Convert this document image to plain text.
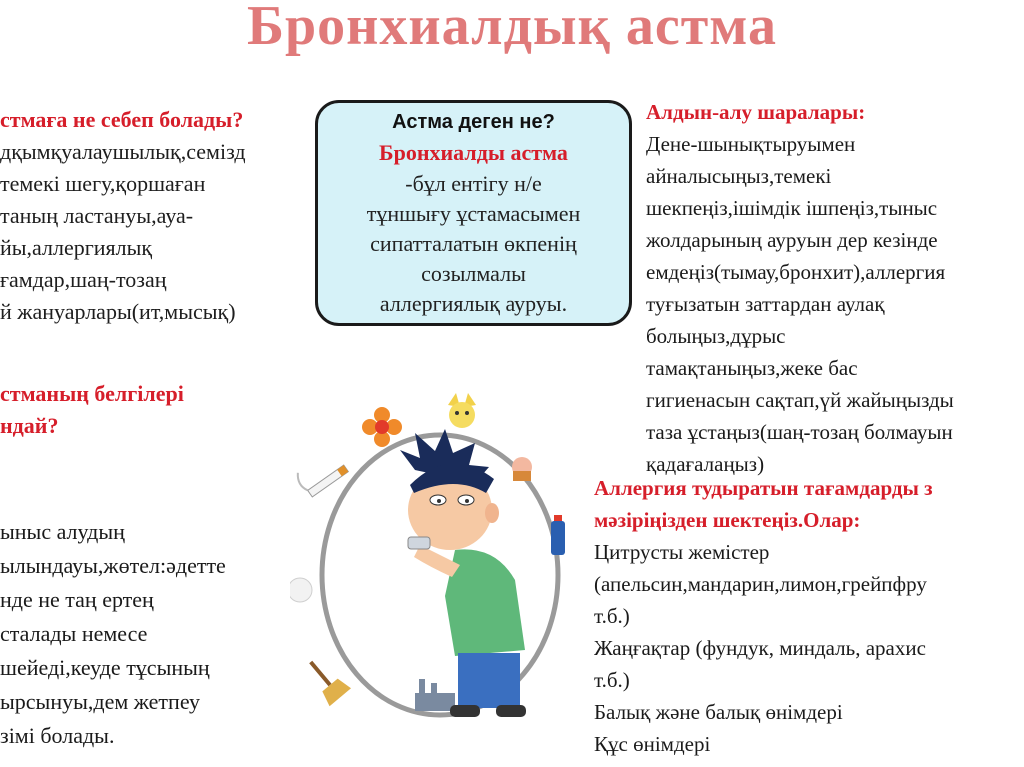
Бронхиалдық астма
стмаға не себеп болады?
дқымқуалаушылық,семізд
темекі шегу,қоршаған
таның ластануы,ауа-
йы,аллергиялық
ғамдар,шаң-тозаң
й жануарлары(ит,мысық)
стманың белгілері
ндай?
ыныс алудың
ылындауы,жөтел:әдетте
нде не таң ертең
сталады немесе
шейеді,кеуде тұсының
ырсынуы,дем жетпеу
зімі болады.
Астма деген не?
Бронхиалды астма
-бұл ентігу н/е
тұншығу ұстамасымен
сипатталатын өкпенің
созылмалы
аллергиялық ауруы.
Алдын-алу шаралары:
Дене-шынықтыруымен
айналысыңыз,темекі
шекпеңіз,ішімдік ішпеңіз,тыныс
жолдарының ауруын дер кезінде
емдеңіз(тымау,бронхит),аллергия
туғызатын заттардан аулақ
болыңыз,дұрыс
тамақтаныңыз,жеке бас
гигиенасын сақтап,үй жайыңызды
таза ұстаңыз(шаң-тозаң болмауын
қадағалаңыз)
Аллергия тудыратын тағамдарды з
мәзіріңізден шектеңіз.Олар:
Цитрусты жемістер
(апельсин,мандарин,лимон,грейпфру
т.б.)
Жаңғақтар (фундук, миндаль, арахис
т.б.)
Балық және балық өнімдері
Құс өнімдері
